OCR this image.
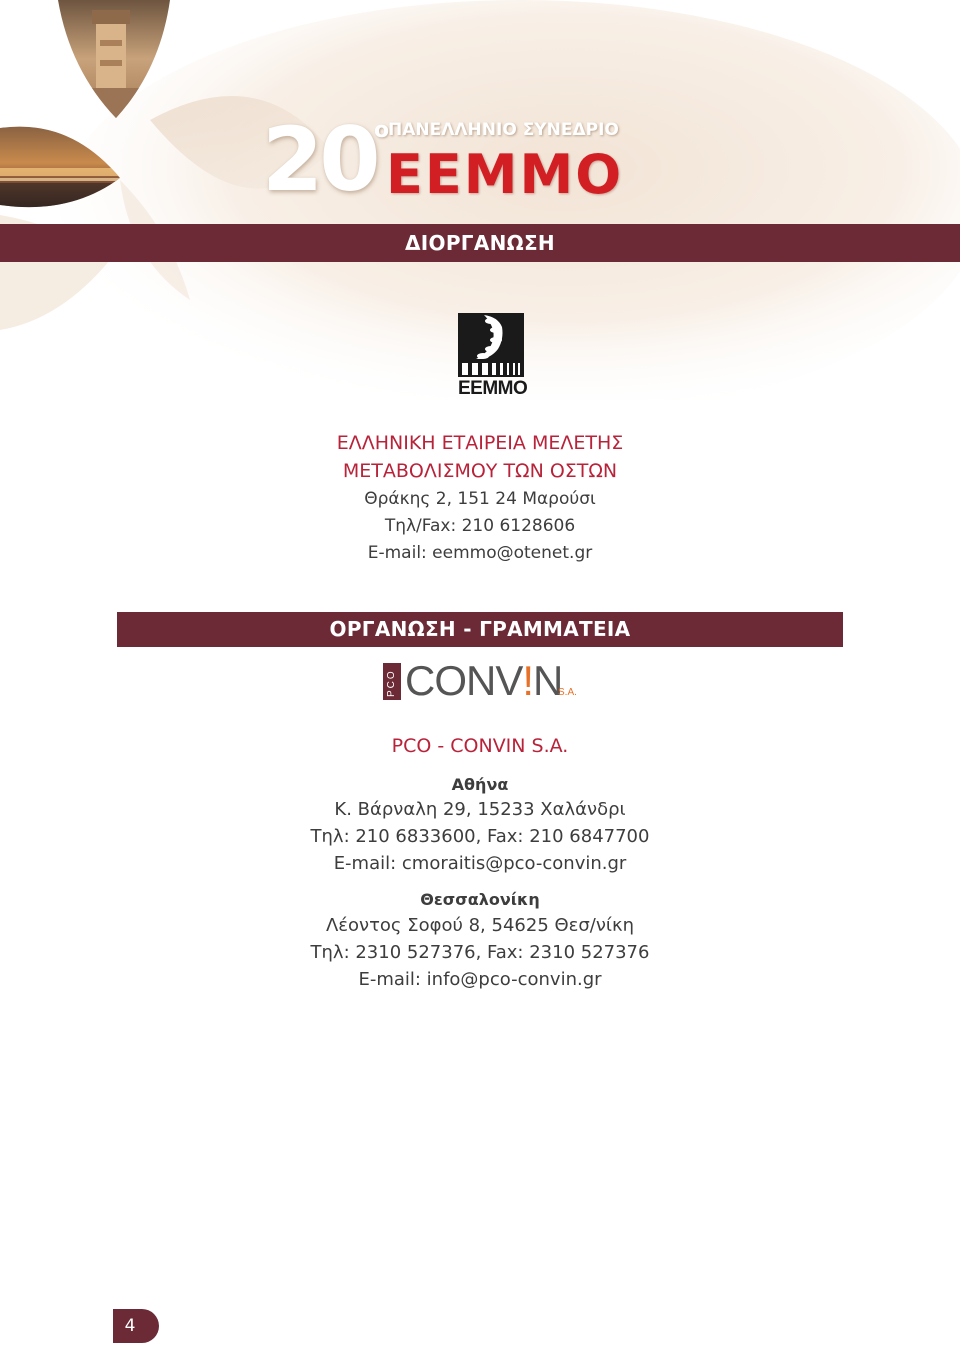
20
o
ΠΑΝΕΛΛΗΝΙΟ ΣΥΝΕΔΡΙΟ
ΕΕΜΜΟ
ΔΙΟΡΓΑΝΩΣΗ
ΕΕΜΜΟ
ΕΛΛΗΝΙΚΗ ΕΤΑΙΡΕΙΑ ΜΕΛΕΤΗΣ
ΜΕΤΑΒΟΛΙΣΜΟΥ ΤΩΝ ΟΣΤΩΝ
Θράκης 2, 151 24 Μαρούσι
Τηλ/Fax: 210 6128606
E-mail: eemmo@otenet.gr
ΟΡΓΑΝΩΣΗ - ΓΡΑΜΜΑΤΕΙΑ
PCO CONV!N
S.A.
PCO - CONVIN S.A.
Αθήνα
Κ. Βάρναλη 29, 15233 Χαλάνδρι
Τηλ: 210 6833600, Fax: 210 6847700
E-mail: cmoraitis@pco-convin.gr
Θεσσαλονίκη
Λέοντος Σοφού 8, 54625 Θεσ/νίκη
Τηλ: 2310 527376, Fax: 2310 527376
E-mail: info@pco-convin.gr
4
